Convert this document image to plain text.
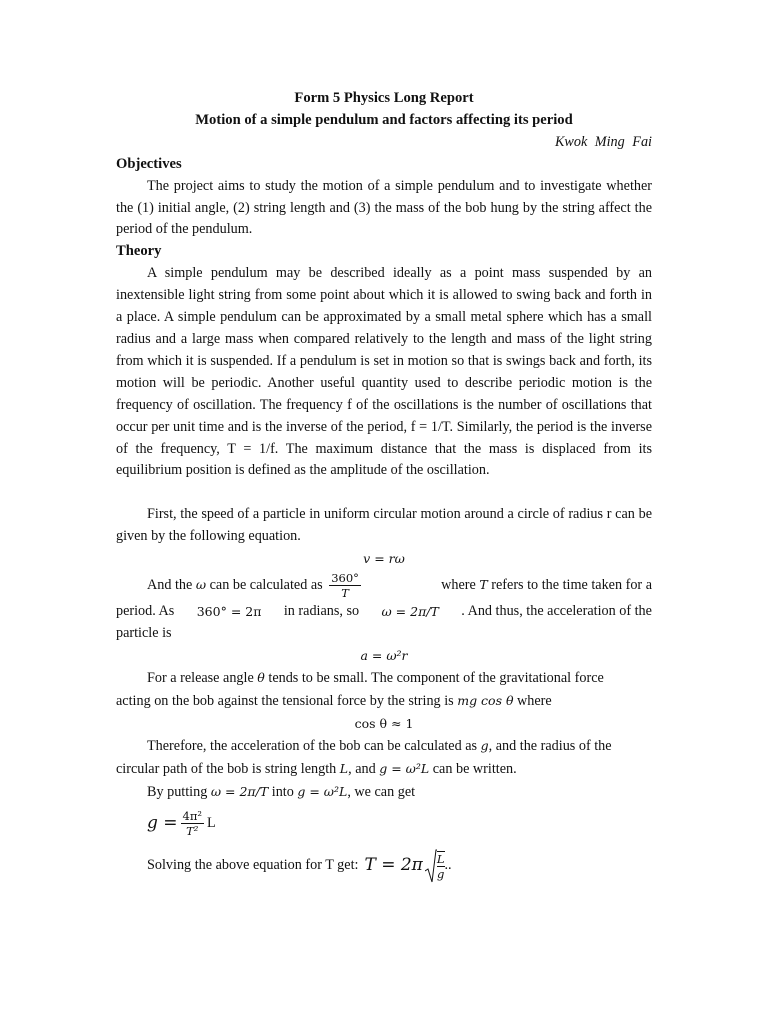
Form 5 Physics Long Report
Motion of a simple pendulum and factors affecting its period
Kwok Ming Fai
Objectives

The project aims to study the motion of a simple pendulum and to investigate whether the (1) initial angle, (2) string length and (3) the mass of the bob hung by the string affect the period of the pendulum.

Theory

A simple pendulum may be described ideally as a point mass suspended by an inextensible light string from some point about which it is allowed to swing back and forth in a place. A simple pendulum can be approximated by a small metal sphere which has a small radius and a large mass when compared relatively to the length and mass of the light string from which it is suspended. If a pendulum is set in motion so that is swings back and forth, its motion will be periodic. Another useful quantity used to describe periodic motion is the frequency of oscillation. The frequency f of the oscillations is the number of oscillations that occur per unit time and is the inverse of the period, f = 1/T. Similarly, the period is the inverse of the frequency, T = 1/f. The maximum distance that the mass is displaced from its equilibrium position is defined as the amplitude of the oscillation.

First, the speed of a particle in uniform circular motion around a circle of radius r can be given by the following equation.

v = rω
And the ω can be calculated as $\frac{360^\circ}{T}$	where T refers to the time taken for a
period. As 360° = 2π in radians, so ω = 2π/T . And thus, the acceleration of the
particle is
a = ω²r
For a release angle θ tends to be small. The component of the gravitational force
acting on the bob against the tensional force by the string is mg cos θ where
cos θ ≈ 1
Therefore, the acceleration of the bob can be calculated as g, and the radius of the
circular path of the bob is string length L, and g = ω²L can be written.
By putting ω = 2π/T into g = ω²L, we can get
$g = \frac{\text{4π²}}{\text{T²}}$ L
Solving the above equation for T get: $T = 2\pi \frac{L}{g}$ ..
